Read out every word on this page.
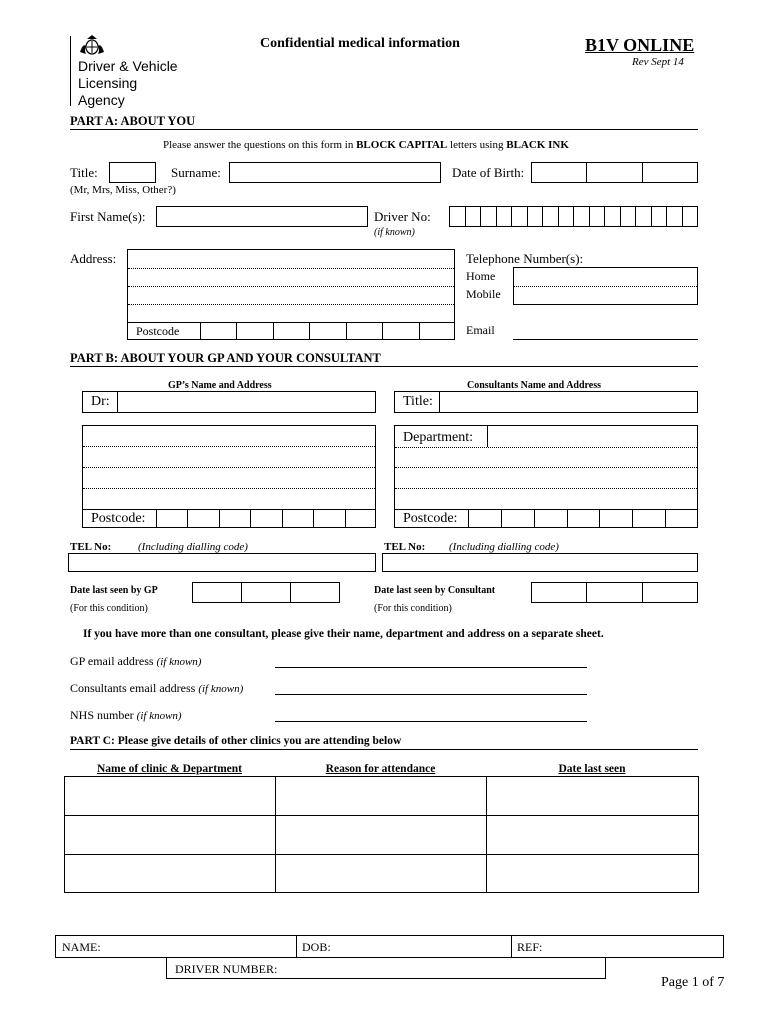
Driver & Vehicle
Licensing
Agency
Confidential medical information	B1V ONLINE
Rev Sept 14
PART A: ABOUT YOU
Please answer the questions on this form in BLOCK CAPITAL letters using BLACK INK
Title:	Surname:	Date of Birth:
(Mr, Mrs, Miss, Other?)
First Name(s):	Driver No:
(if known)
Address:
Postcode
Telephone Number(s):
Home
Mobile
Email
PART B: ABOUT YOUR GP AND YOUR CONSULTANT
GP’s Name and Address	Consultants Name and Address
Dr:	Title:
Postcode:
Department:
Postcode:
TEL No: (Including dialling code)	TEL No: (Including dialling code)
Date last seen by GP
(For this condition)
Date last seen by Consultant
(For this condition)
If you have more than one consultant, please give their name, department and address on a separate sheet.
GP email address (if known)
Consultants email address (if known)
NHS number (if known)
PART C: Please give details of other clinics you are attending below
Name of clinic & Department	Reason for attendance	Date last seen
NAME:	DOB:	REF:
DRIVER NUMBER:
Page 1 of 7
